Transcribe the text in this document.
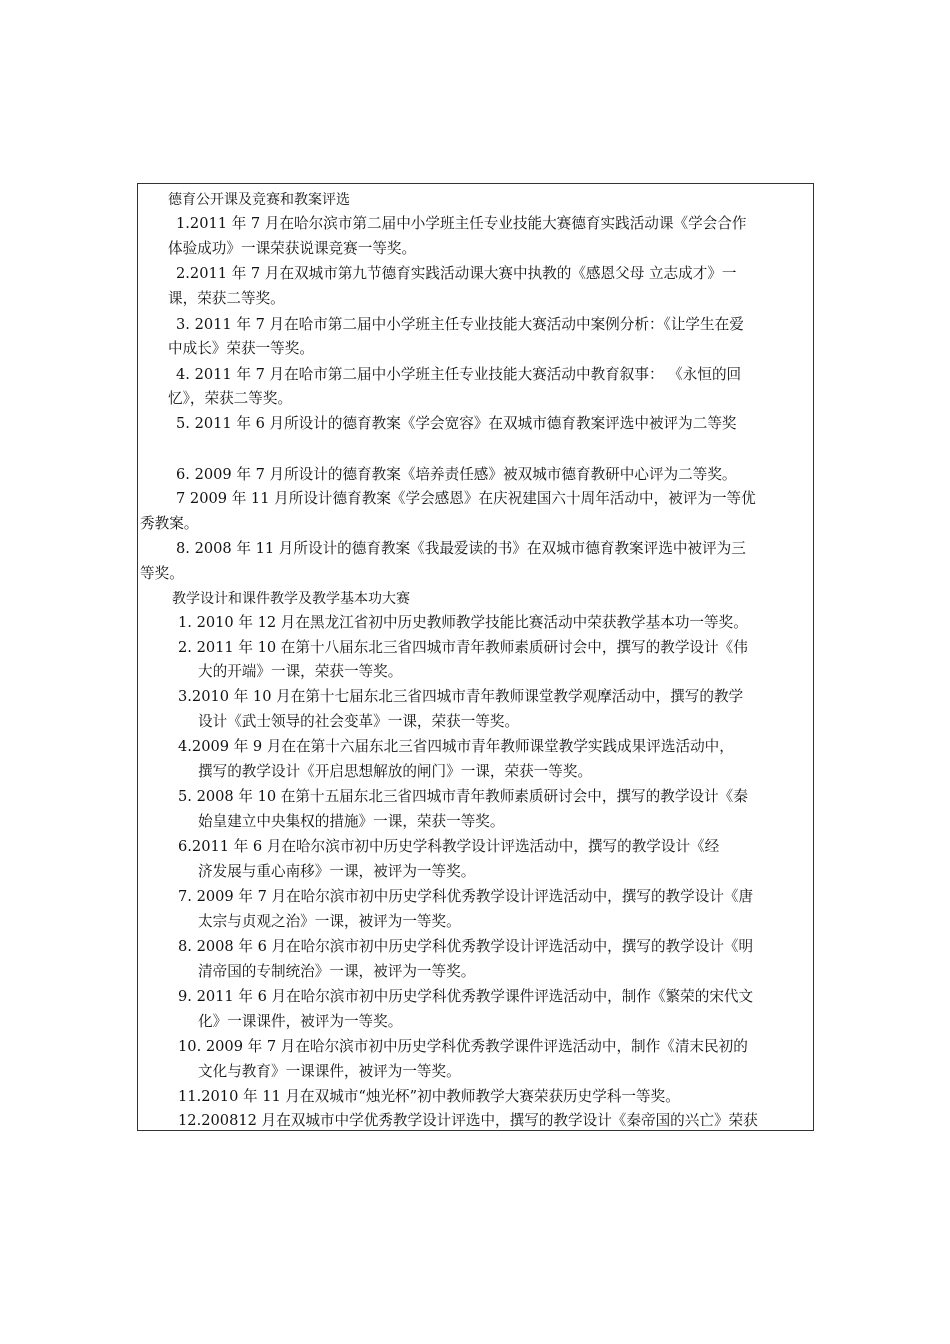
德育公开课及竞赛和教案评选
1.2011 年 7 月在哈尔滨市第二届中小学班主任专业技能大赛德育实践活动课《学会合作
体验成功》一课荣获说课竞赛一等奖。
2.2011 年 7 月在双城市第九节德育实践活动课大赛中执教的《感恩父母 立志成才》一
课，荣获二等奖。
3. 2011 年 7 月在哈市第二届中小学班主任专业技能大赛活动中案例分析：《让学生在爱
中成长》荣获一等奖。
4. 2011 年 7 月在哈市第二届中小学班主任专业技能大赛活动中教育叙事： 《永恒的回
忆》，荣获二等奖。
5. 2011 年 6 月所设计的德育教案《学会宽容》在双城市德育教案评选中被评为二等奖
6. 2009 年 7 月所设计的德育教案《培养责任感》被双城市德育教研中心评为二等奖。
7 2009 年 11 月所设计德育教案《学会感恩》在庆祝建国六十周年活动中，被评为一等优
秀教案。
8. 2008 年 11 月所设计的德育教案《我最爱读的书》在双城市德育教案评选中被评为三
等奖。
教学设计和课件教学及教学基本功大赛
1. 2010 年 12 月在黑龙江省初中历史教师教学技能比赛活动中荣获教学基本功一等奖。
2. 2011 年 10 在第十八届东北三省四城市青年教师素质研讨会中，撰写的教学设计《伟
大的开端》一课，荣获一等奖。
3.2010 年 10 月在第十七届东北三省四城市青年教师课堂教学观摩活动中，撰写的教学
设计《武士领导的社会变革》一课，荣获一等奖。
4.2009 年 9 月在在第十六届东北三省四城市青年教师课堂教学实践成果评选活动中，
撰写的教学设计《开启思想解放的闸门》一课，荣获一等奖。
5. 2008 年 10 在第十五届东北三省四城市青年教师素质研讨会中，撰写的教学设计《秦
始皇建立中央集权的措施》一课，荣获一等奖。
6.2011 年 6 月在哈尔滨市初中历史学科教学设计评选活动中，撰写的教学设计《经
济发展与重心南移》一课，被评为一等奖。
7. 2009 年 7 月在哈尔滨市初中历史学科优秀教学设计评选活动中，撰写的教学设计《唐
太宗与贞观之治》一课，被评为一等奖。
8. 2008 年 6 月在哈尔滨市初中历史学科优秀教学设计评选活动中，撰写的教学设计《明
清帝国的专制统治》一课，被评为一等奖。
9. 2011 年 6 月在哈尔滨市初中历史学科优秀教学课件评选活动中，制作《繁荣的宋代文
化》一课课件，被评为一等奖。
10. 2009 年 7 月在哈尔滨市初中历史学科优秀教学课件评选活动中，制作《清末民初的
文化与教育》一课课件，被评为一等奖。
11.2010 年 11 月在双城市“烛光杯”初中教师教学大赛荣获历史学科一等奖。
12.200812 月在双城市中学优秀教学设计评选中，撰写的教学设计《秦帝国的兴亡》荣获
